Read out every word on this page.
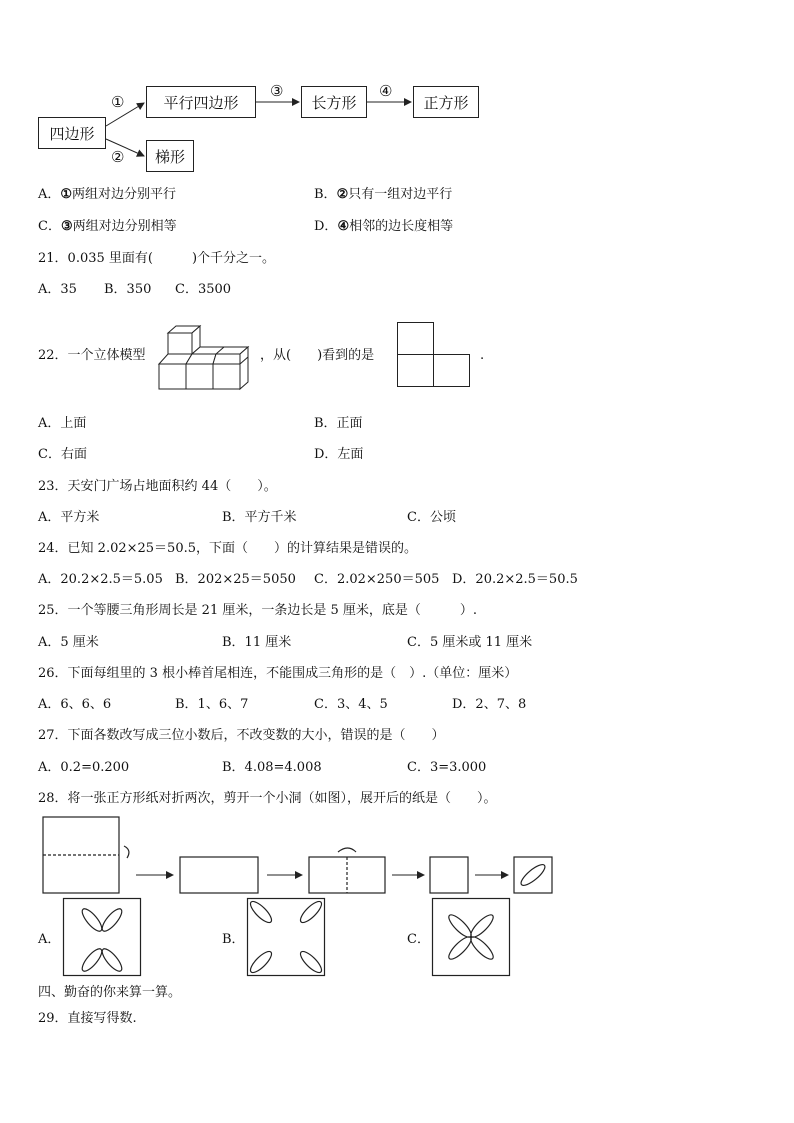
四边形
平行四边形	长方形	正方形
梯形
①
②
③	④
A．①两组对边分别平行	B．②只有一组对边平行
C．③两组对边分别相等	D．④相邻的边长度相等
21．0.035 里面有(　　　)个千分之一。
A．35 B．350 C．3500
22．一个立体模型	，从(　　)看到的是	.
A．上面	B．正面
C．右面	D．左面
23．天安门广场占地面积约 44（　　）。
A．平方米	B．平方千米	C．公顷
24．已知 2.02×25＝50.5，下面（　　）的计算结果是错误的。
A．20.2×2.5＝5.05 B．202×25＝5050 C．2.02×250＝505 D．20.2×2.5＝50.5
25．一个等腰三角形周长是 21 厘米，一条边长是 5 厘米，底是（　　　）.
A．5 厘米	B．11 厘米	C．5 厘米或 11 厘米
26．下面每组里的 3 根小棒首尾相连，不能围成三角形的是（　）.（单位：厘米）
A．6、6、6	B．1、6、7	C．3、4、5	D．2、7、8
27．下面各数改写成三位小数后，不改变数的大小，错误的是（　　）
A．0.2=0.200	B．4.08=4.008	C．3=3.000
28．将一张正方形纸对折两次，剪开一个小洞（如图），展开后的纸是（　　）。
A．	B．	C．
四、勤奋的你来算一算。
29．直接写得数.
